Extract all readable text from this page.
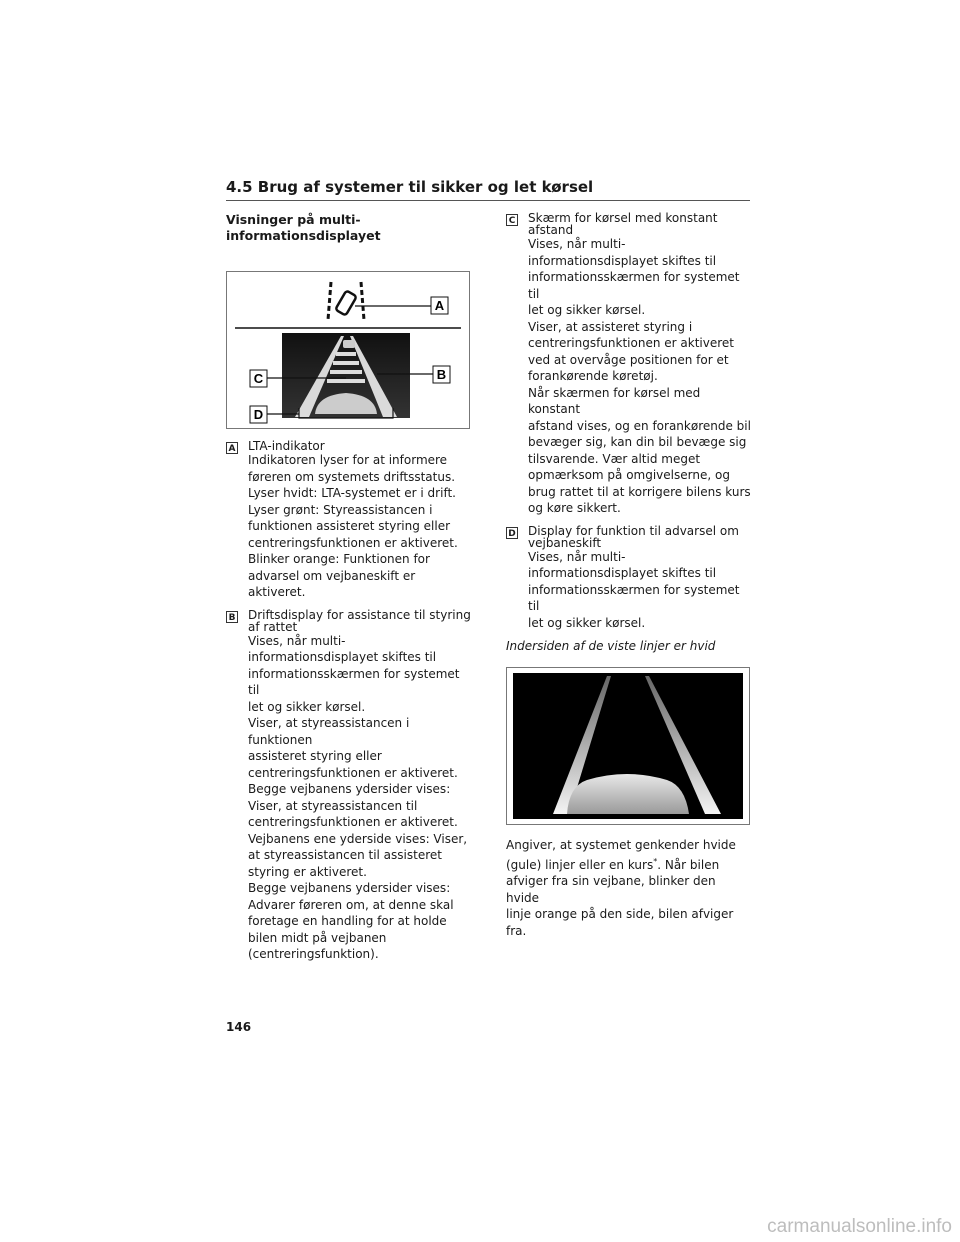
4.5 Brug af systemer til sikker og let kørsel

Visninger på multi-
informationsdisplayet

A
B
C
D
A LTA-indikator
Indikatoren lyser for at informere
føreren om systemets driftsstatus.
Lyser hvidt: LTA-systemet er i drift.
Lyser grønt: Styreassistancen i
funktionen assisteret styring eller
centreringsfunktionen er aktiveret.
Blinker orange: Funktionen for
advarsel om vejbaneskift er aktiveret.
B Driftsdisplay for assistance til styring
af rattet
Vises, når multi-
informationsdisplayet skiftes til
informationsskærmen for systemet til
let og sikker kørsel.
Viser, at styreassistancen i funktionen
assisteret styring eller
centreringsfunktionen er aktiveret.
Begge vejbanens ydersider vises:
Viser, at styreassistancen til
centreringsfunktionen er aktiveret.
Vejbanens ene yderside vises: Viser,
at styreassistancen til assisteret
styring er aktiveret.
Begge vejbanens ydersider vises:
Advarer føreren om, at denne skal
foretage en handling for at holde
bilen midt på vejbanen
(centreringsfunktion).
C Skærm for kørsel med konstant
afstand
Vises, når multi-
informationsdisplayet skiftes til
informationsskærmen for systemet til
let og sikker kørsel.
Viser, at assisteret styring i
centreringsfunktionen er aktiveret
ved at overvåge positionen for et
forankørende køretøj.
Når skærmen for kørsel med konstant
afstand vises, og en forankørende bil
bevæger sig, kan din bil bevæge sig
tilsvarende. Vær altid meget
opmærksom på omgivelserne, og
brug rattet til at korrigere bilens kurs
og køre sikkert.
D Display for funktion til advarsel om
vejbaneskift
Vises, når multi-
informationsdisplayet skiftes til
informationsskærmen for systemet til
let og sikker kørsel.
Indersiden af de viste linjer er hvid
Angiver, at systemet genkender hvide
(gule) linjer eller en kurs*. Når bilen
afviger fra sin vejbane, blinker den hvide
linje orange på den side, bilen afviger fra.
146
carmanualsonline.info
